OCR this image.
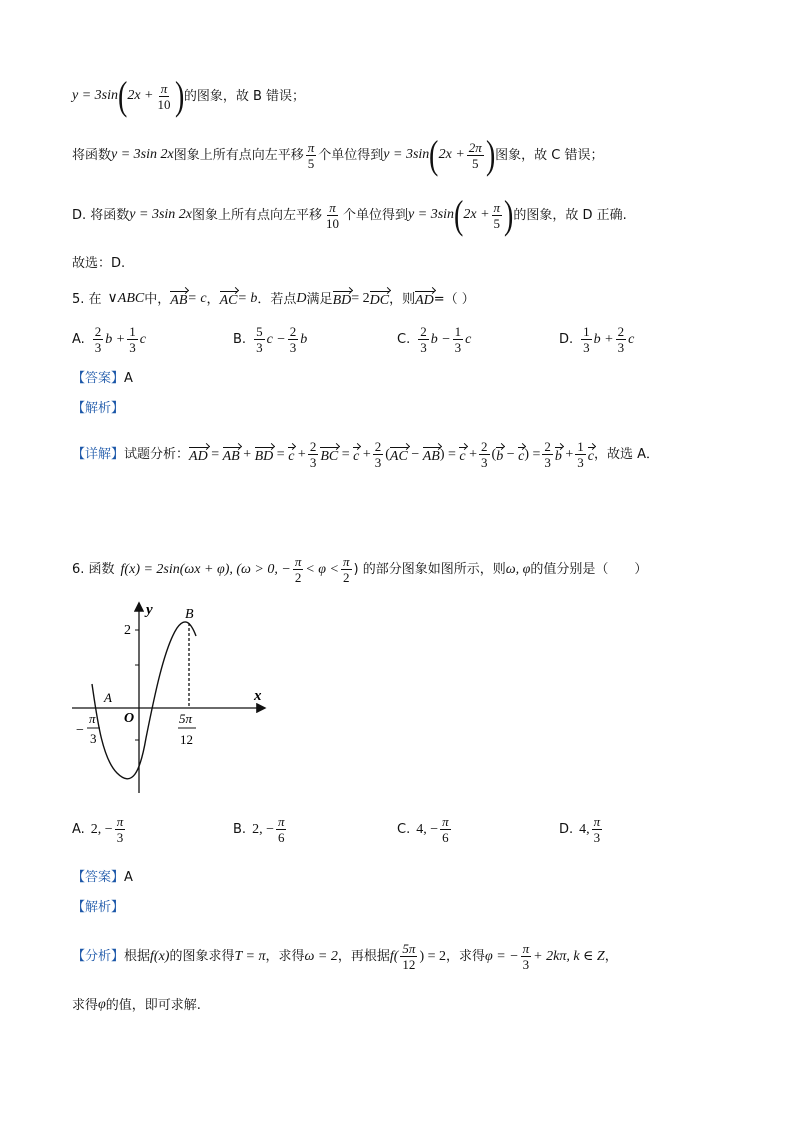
y = 3sin ( $2x + \frac{\pi}{10}$ ) 的图象，故 B 错误；
将函数 y = 3sin 2x 图象上所有点向左平移 $\frac{\pi}{5}$ 个单位得到 y = 3sin ( $2x + \frac{2\pi}{5}$ ) 图象，故 C 错误；
D. 将函数 y = 3sin 2x 图象上所有点向左平移 $\frac{\pi}{10}$ 个单位得到 y = 3sin ( $2x + \frac{\pi}{5}$ ) 的图象，故 D 正确.
故选：D.
5. 在 ∨ABC 中， AB = c ， AC = b ．若点 D 满足 BD = 2 DC ，则 AD =（ ）
A. $\frac{2}{3}$ $b + \frac{1}{3}$ c	B. $\frac{5}{3}$ $c - \frac{2}{3}$ b	C. $\frac{2}{3}$ $b - \frac{1}{3}$ c	D. $\frac{1}{3}$ $b + \frac{2}{3}$ c
【答案】 A
【解析】
【详解】 试题分析： AD = AB + BD = $c + \frac{2}{3}$ BC = $c + \frac{2}{3}$ ( AC − AB ) = $c + \frac{2}{3}$ ( b − c ) = $\frac{2}{3}$ $b + \frac{1}{3}$ c ，故选 A．
6. 函数 f(x) = 2sin(ωx + φ), (ω > 0, − $\frac{\pi}{2} < \varphi < \frac{\pi}{2}$ ) 的部分图象如图所示，则 ω, φ 的值分别是（　　）
y
x
2
B
A
O
−
π
3
5π
12
A. 2, − $\frac{\pi}{3}$	B. 2, − $\frac{\pi}{6}$	C. 4, − $\frac{\pi}{6}$	D. 4, $\frac{\pi}{3}$
【答案】 A
【解析】
【分析】 根据 f(x) 的图象求得 T = π ，求得 ω = 2 ，再根据 $f( \frac{5\pi}{12}$ ) = 2 ，求得 φ = − $\frac{\pi}{3} + 2k\pi$, k ∈ Z ，
求得 φ 的值，即可求解.
